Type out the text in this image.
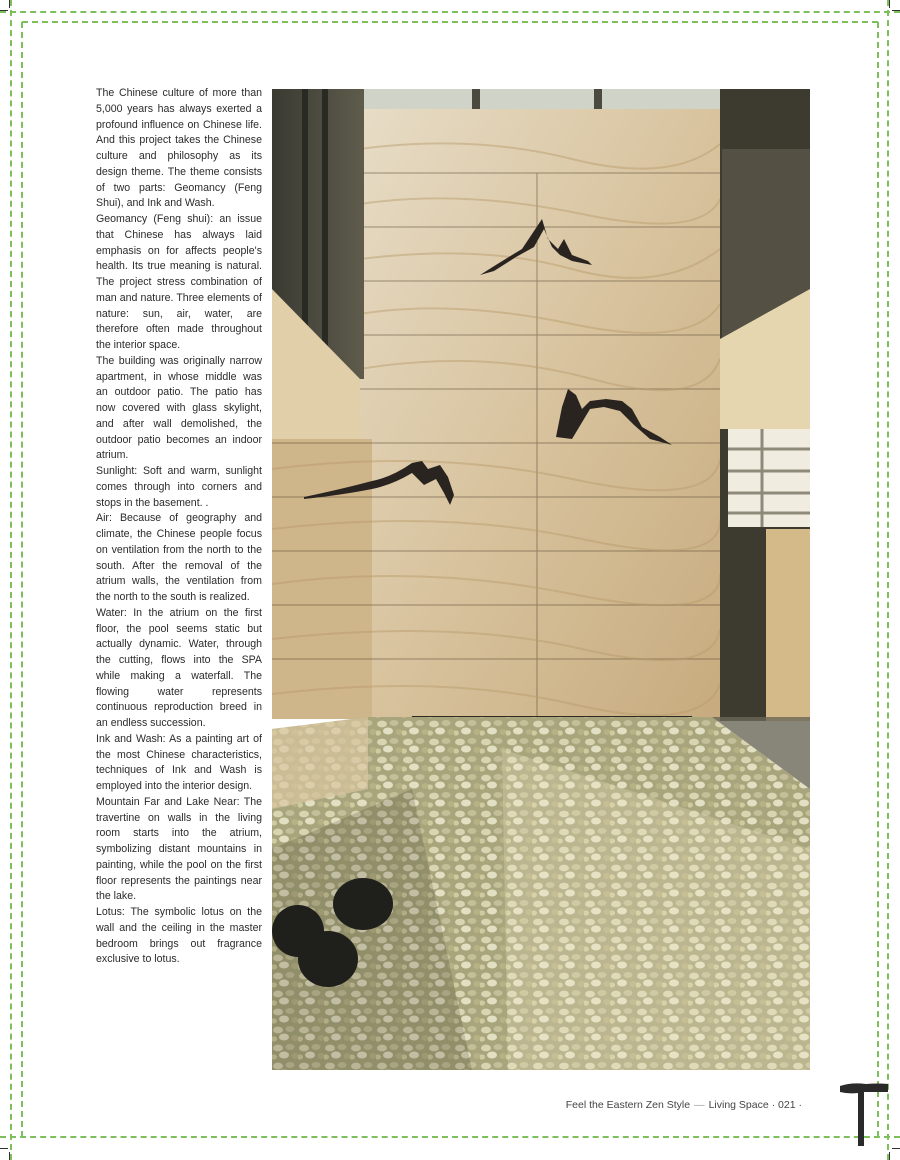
The Chinese culture of more than 5,000 years has always exerted a profound influence on Chinese life. And this project takes the Chinese culture and philosophy as its design theme. The theme consists of two parts: Geomancy (Feng Shui), and Ink and Wash.

Geomancy (Feng shui): an issue that Chinese has always laid emphasis on for affects people's health. Its true meaning is natural. The project stress combination of man and nature. Three elements of nature: sun, air, water, are therefore often made throughout the interior space.

The building was originally narrow apartment, in whose middle was an outdoor patio. The patio has now covered with glass skylight, and after wall demolished, the outdoor patio becomes an indoor atrium.

Sunlight: Soft and warm, sunlight comes through into corners and stops in the basement. .

Air: Because of geography and climate, the Chinese people focus on ventilation from the north to the south. After the removal of the atrium walls, the ventilation from the north to the south is realized.

Water: In the atrium on the first floor, the pool seems static but actually dynamic. Water, through the cutting, flows into the SPA while making a waterfall. The flowing water represents continuous reproduction breed in an endless succession.

Ink and Wash: As a painting art of the most Chinese characteristics, techniques of Ink and Wash is employed into the interior design.

Mountain Far and Lake Near: The travertine on walls in the living room starts into the atrium, symbolizing distant mountains in painting, while the pool on the first floor represents the paintings near the lake.

Lotus: The symbolic lotus on the wall and the ceiling in the master bedroom brings out fragrance exclusive to lotus.

Feel the Eastern Zen Style — Living Space · 021 ·
